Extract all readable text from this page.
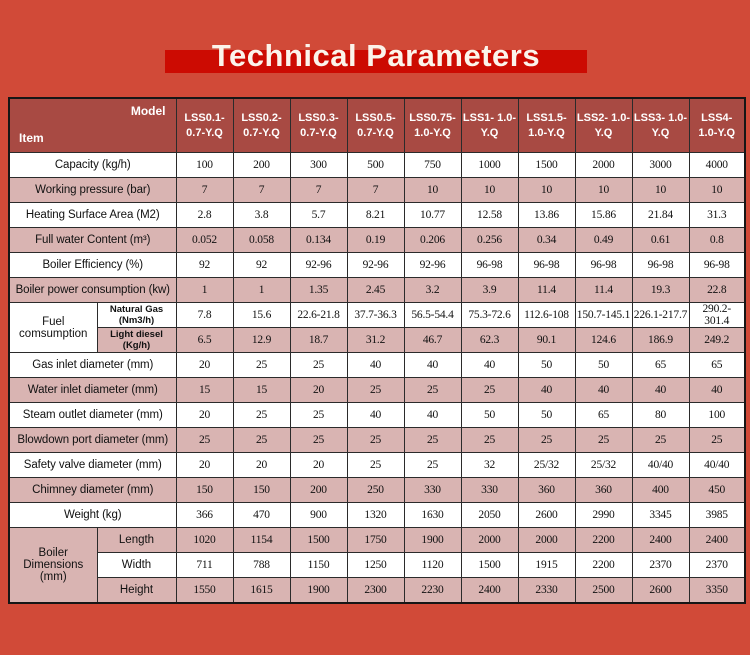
Technical Parameters
Model
Item		LSS0.1- 0.7-Y.Q	LSS0.2- 0.7-Y.Q	LSS0.3- 0.7-Y.Q	LSS0.5- 0.7-Y.Q	LSS0.75- 1.0-Y.Q	LSS1- 1.0-Y.Q	LSS1.5- 1.0-Y.Q	LSS2- 1.0-Y.Q	LSS3- 1.0-Y.Q	LSS4- 1.0-Y.Q
Capacity (kg/h)		100	200	300	500	750	1000	1500	2000	3000	4000
Working pressure (bar)		7	7	7	7	10	10	10	10	10	10
Heating Surface Area (M2)		2.8	3.8	5.7	8.21	10.77	12.58	13.86	15.86	21.84	31.3
Full water Content (m³)		0.052	0.058	0.134	0.19	0.206	0.256	0.34	0.49	0.61	0.8
Boiler Efficiency (%)		92	92	92-96	92-96	92-96	96-98	96-98	96-98	96-98	96-98
Boiler power consumption (kw)		1	1	1.35	2.45	3.2	3.9	11.4	11.4	19.3	22.8
Fuel comsumption	Natural Gas (Nm3/h)	7.8	15.6	22.6-21.8	37.7-36.3	56.5-54.4	75.3-72.6	112.6-108	150.7-145.1	226.1-217.7	290.2-301.4
	Light diesel (Kg/h)	6.5	12.9	18.7	31.2	46.7	62.3	90.1	124.6	186.9	249.2
Gas inlet diameter (mm)		20	25	25	40	40	40	50	50	65	65
Water inlet diameter (mm)		15	15	20	25	25	25	40	40	40	40
Steam outlet diameter (mm)		20	25	25	40	40	50	50	65	80	100
Blowdown port diameter (mm)		25	25	25	25	25	25	25	25	25	25
Safety valve diameter (mm)		20	20	20	25	25	32	25/32	25/32	40/40	40/40
Chimney diameter (mm)		150	150	200	250	330	330	360	360	400	450
Weight (kg)		366	470	900	1320	1630	2050	2600	2990	3345	3985
Boiler Dimensions (mm)	Length	1020	1154	1500	1750	1900	2000	2000	2200	2400	2400
	Width	711	788	1150	1250	1120	1500	1915	2200	2370	2370
	Height	1550	1615	1900	2300	2230	2400	2330	2500	2600	3350
